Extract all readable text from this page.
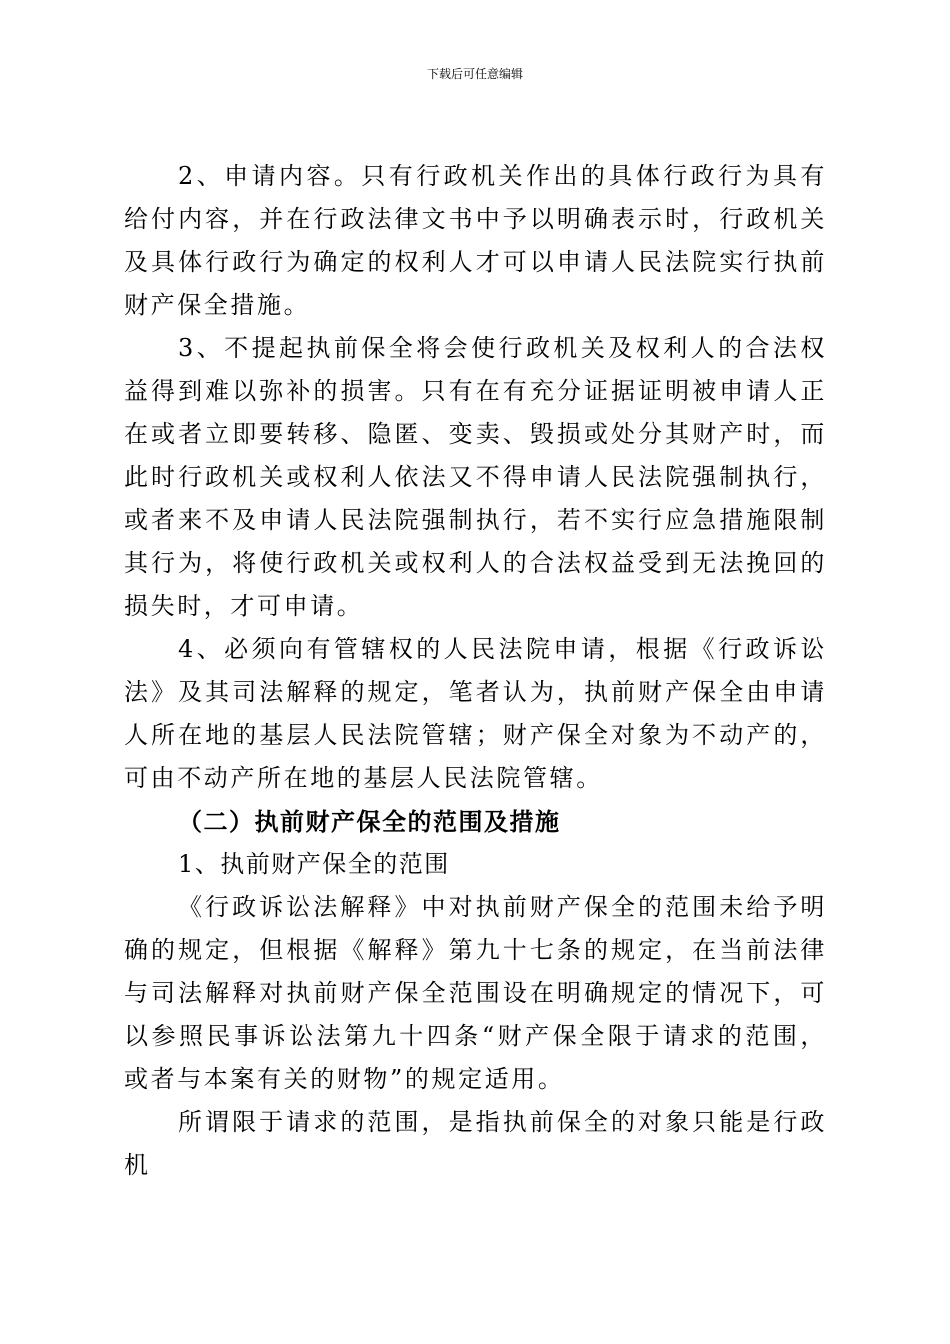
下载后可任意编辑

2、申请内容。只有行政机关作出的具体行政行为具有给付内容，并在行政法律文书中予以明确表示时，行政机关及具体行政行为确定的权利人才可以申请人民法院实行执前财产保全措施。

3、不提起执前保全将会使行政机关及权利人的合法权益得到难以弥补的损害。只有在有充分证据证明被申请人正在或者立即要转移、隐匿、变卖、毁损或处分其财产时，而此时行政机关或权利人依法又不得申请人民法院强制执行，或者来不及申请人民法院强制执行，若不实行应急措施限制其行为，将使行政机关或权利人的合法权益受到无法挽回的损失时，才可申请。

4、必须向有管辖权的人民法院申请，根据《行政诉讼法》及其司法解释的规定，笔者认为，执前财产保全由申请人所在地的基层人民法院管辖；财产保全对象为不动产的，可由不动产所在地的基层人民法院管辖。

（二）执前财产保全的范围及措施

1、执前财产保全的范围

《行政诉讼法解释》中对执前财产保全的范围未给予明确的规定，但根据《解释》第九十七条的规定，在当前法律与司法解释对执前财产保全范围设在明确规定的情况下，可以参照民事诉讼法第九十四条“财产保全限于请求的范围，或者与本案有关的财物”的规定适用。

所谓限于请求的范围，是指执前保全的对象只能是行政机
